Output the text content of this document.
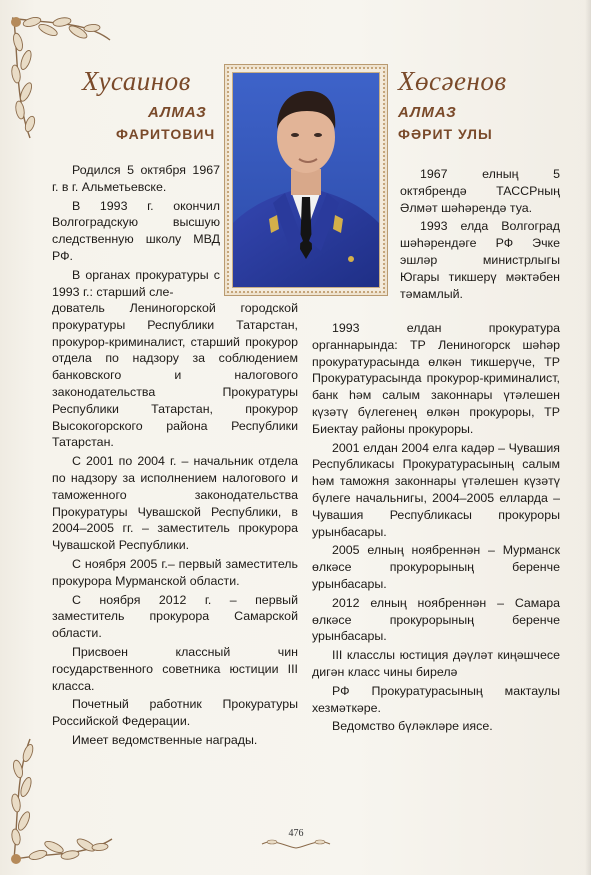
Хусаинов
АЛМАЗ
ФАРИТОВИЧ
Хөсәенов
АЛМАЗ
ФӘРИТ УЛЫ

Родился 5 октября 1967 г. в г. Альметьевске.

В 1993 г. окончил Волгоградскую высшую следственную школу МВД РФ.

В органах прокуратуры с 1993 г.: старший сле-

дователь Лениногорской городской прокуратуры Республики Татарстан, прокурор-криминалист, старший прокурор отдела по надзору за соблюдением банковского и налогового законодательства Прокуратуры Республики Татарстан, прокурор Высокогорского района Республики Татарстан.

С 2001 по 2004 г. – начальник отдела по надзору за исполнением налогового и таможенного законодательства Прокуратуры Чувашской Республики, в 2004–2005 гг. – заместитель прокурора Чувашской Республики.

С ноября 2005 г.– первый заместитель прокурора Мурманской области.

С ноября 2012 г. – первый заместитель прокурора Самарской области.

Присвоен классный чин государственного советника юстиции III класса.

Почетный работник Прокуратуры Российской Федерации.

Имеет ведомственные награды.

1967 елның 5 октябрендә ТАССРның Әлмәт шәһәрендә туа.

1993 елда Волгоград шәһәрендәге РФ Эчке эшләр министрлыгы Югары тикшерү мәктәбен тәмамлый.

1993 елдан прокуратура органнарында: ТР Лениногорск шәһәр прокуратурасында өлкән тикшерүче, ТР Прокуратурасында прокурор-криминалист, банк һәм салым законнары үтәлешен күзәтү бүлегенең өлкән прокуроры, ТР Биектау районы прокуроры.

2001 елдан 2004 елга кадәр – Чувашия Республикасы Прокуратурасының салым һәм таможня законнары үтәлешен күзәтү бүлеге начальнигы, 2004–2005 елларда – Чувашия Республикасы прокуроры урынбасары.

2005 елның ноябреннән – Мурманск өлкәсе прокурорының беренче урынбасары.

2012 елның ноябреннән – Самара өлкәсе прокурорының беренче урынбасары.

III класслы юстиция дәүләт киңәшчесе дигән класс чины бирелә

РФ Прокуратурасының мактаулы хезмәткәре.

Ведомство бүләкләре иясе.

476
